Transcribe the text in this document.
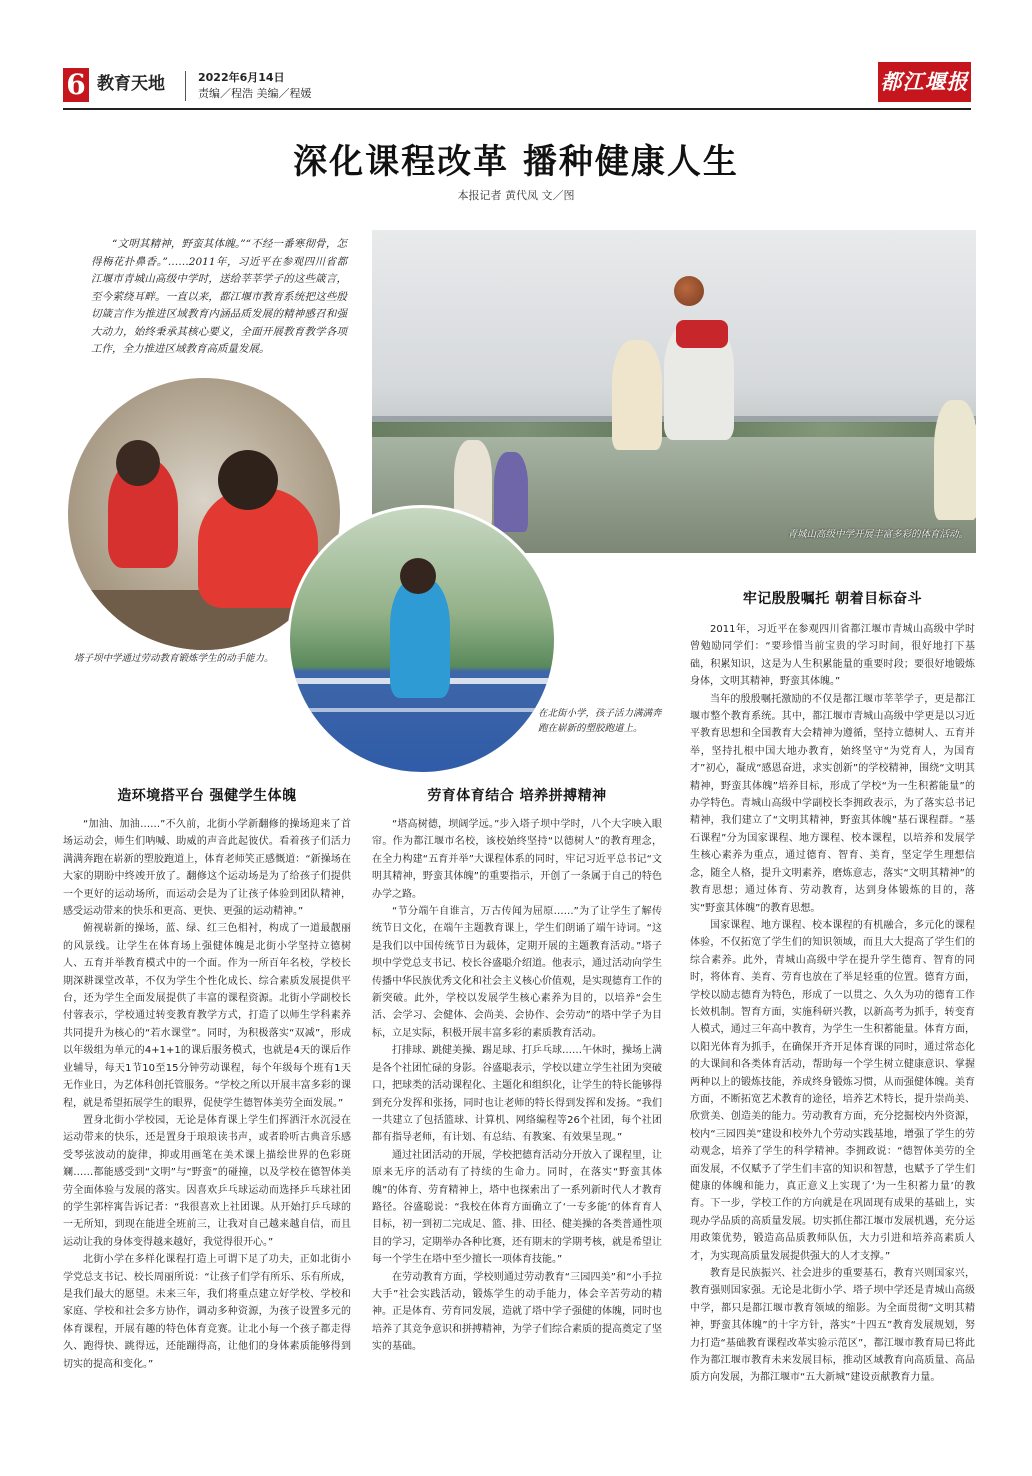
6 教育天地	2022年6月14日
责编／程浩 美编／程媛	都江堰报
深化课程改革 播种健康人生
本报记者 黄代凤 文／图

“文明其精神，野蛮其体魄。”“不经一番寒彻骨，怎得梅花扑鼻香。”……2011年，习近平在参观四川省都江堰市青城山高级中学时，送给莘莘学子的这些箴言，至今萦绕耳畔。一直以来，都江堰市教育系统把这些殷切箴言作为推进区域教育内涵品质发展的精神感召和强大动力，始终秉承其核心要义，全面开展教育教学各项工作，全力推进区域教育高质量发展。

青城山高级中学开展丰富多彩的体育活动。
塔子坝中学通过劳动教育锻炼学生的动手能力。
在北街小学，孩子活力满满奔跑在崭新的塑胶跑道上。
造环境搭平台 强健学生体魄

“加油、加油……”不久前，北街小学新翻修的操场迎来了首场运动会，师生们呐喊、助威的声音此起彼伏。看着孩子们活力满满奔跑在崭新的塑胶跑道上，体育老师笑正感慨道：“新操场在大家的期盼中终竣开放了。翻修这个运动场是为了给孩子们提供一个更好的运动场所，而运动会是为了让孩子体验到团队精神，感受运动带来的快乐和更高、更快、更强的运动精神。”

俯视崭新的操场，蓝、绿、红三色相衬，构成了一道最靓丽的风景线。让学生在体育场上强健体魄是北街小学坚持立德树人、五育并举教育模式中的一个面。作为一所百年名校，学校长期深耕课堂改革，不仅为学生个性化成长、综合素质发展提供平台，还为学生全面发展提供了丰富的课程资源。北街小学副校长付蓉表示，学校通过转变教育教学方式，打造了以师生学科素养共同提升为核心的“若水课堂”。同时，为积极落实“双减”，形成以年级组为单元的4+1+1的课后服务模式，也就是4天的课后作业辅导，每天1节10至15分钟劳动课程，每个年级每个班有1天无作业日，为艺体科创托管服务。“学校之所以开展丰富多彩的课程，就是希望拓展学生的眼界，促使学生德智体美劳全面发展。”

置身北街小学校园，无论是体育课上学生们挥洒汗水沉浸在运动带来的快乐，还是置身于琅琅读书声，或者聆听古典音乐感受琴弦波动的旋律，抑或用画笔在美术课上描绘世界的色彩斑斓……都能感受到“文明”与“野蛮”的碰撞，以及学校在德智体美劳全面体验与发展的落实。因喜欢乒乓球运动而选择乒乓球社团的学生郭梓寓告诉记者：“我很喜欢上社团课。从开始打乒乓球的一无所知，到现在能进全班前三，让我对自己越来越自信，而且运动让我的身体变得越来越好，我觉得很开心。”

北街小学在多样化课程打造上可谓下足了功夫，正如北街小学党总支书记、校长周丽所说：“让孩子们学有所乐、乐有所成，是我们最大的愿望。未来三年，我们将重点建立好学校、学校和家庭、学校和社会多方协作，调动多种资源，为孩子设置多元的体育课程，开展有趣的特色体育竞赛。让北小每一个孩子都走得久、跑得快、跳得远，还能蹦得高，让他们的身体素质能够得到切实的提高和变化。”

劳育体育结合 培养拼搏精神

“塔高树德，坝阔学远。”步入塔子坝中学时，八个大字映入眼帘。作为都江堰市名校，该校始终坚持“以德树人”的教育理念，在全力构建“五育并举”大课程体系的同时，牢记习近平总书记“文明其精神，野蛮其体魄”的重要指示，开创了一条属于自己的特色办学之路。

“节分端午自谁言，万古传闻为屈原……”为了让学生了解传统节日文化，在端午主题教育课上，学生们朗诵了端午诗词。“这是我们以中国传统节日为载体，定期开展的主题教育活动。”塔子坝中学党总支书记、校长谷盛聪介绍道。他表示，通过活动向学生传播中华民族优秀文化和社会主义核心价值观，是实现德育工作的新突破。此外，学校以发展学生核心素养为目的，以培养“会生活、会学习、会健体、会尚美、会协作、会劳动”的塔中学子为目标，立足实际，积极开展丰富多彩的素质教育活动。

打排球、跳健美操、踢足球、打乒乓球……午休时，操场上满是各个社团忙碌的身影。谷盛聪表示，学校以建立学生社团为突破口，把球类的活动课程化、主题化和组织化，让学生的特长能够得到充分发挥和张扬，同时也让老师的特长得到发挥和发扬。“我们一共建立了包括篮球、计算机、网络编程等26个社团，每个社团都有指导老师，有计划、有总结、有教案、有效果呈现。”

通过社团活动的开展，学校把德育活动分开放入了课程里，让原来无序的活动有了持续的生命力。同时，在落实“野蛮其体魄”的体育、劳育精神上，塔中也探索出了一系列新时代人才教育路径。谷盛聪说：“我校在体育方面确立了‘一专多能’的体育育人目标，初一到初二完成足、篮、排、田径、健美操的各类普通性项目的学习，定期举办各种比赛，还有期末的学期考核，就是希望让每一个学生在塔中至少擅长一项体育技能。”

在劳动教育方面，学校则通过劳动教育“三园四美”和“小手拉大手”社会实践活动，锻炼学生的动手能力，体会辛苦劳动的精神。正是体育、劳育同发展，造就了塔中学子强健的体魄，同时也培养了其竞争意识和拼搏精神，为学子们综合素质的提高奠定了坚实的基础。

牢记殷殷嘱托 朝着目标奋斗

2011年，习近平在参观四川省都江堰市青城山高级中学时曾勉励同学们：“要珍惜当前宝贵的学习时间，很好地打下基础，积累知识，这是为人生积累能量的重要时段；要很好地锻炼身体，文明其精神，野蛮其体魄。”

当年的殷殷嘱托激励的不仅是都江堰市莘莘学子，更是都江堰市整个教育系统。其中，都江堰市青城山高级中学更是以习近平教育思想和全国教育大会精神为遵循，坚持立德树人、五育并举，坚持扎根中国大地办教育，始终坚守“为党育人，为国育才”初心，凝成“感恩奋进，求实创新”的学校精神，围绕“文明其精神，野蛮其体魄”培养目标，形成了学校“为一生积蓄能量”的办学特色。青城山高级中学副校长李拥政表示，为了落实总书记精神，我们建立了“文明其精神，野蛮其体魄”基石课程群。“基石课程”分为国家课程、地方课程、校本课程，以培养和发展学生核心素养为重点，通过德育、智育、美育，坚定学生理想信念，随全人格，提升文明素养，磨炼意志，落实“文明其精神”的教育思想；通过体育、劳动教育，达到身体锻炼的目的，落实“野蛮其体魄”的教育思想。

国家课程、地方课程、校本课程的有机融合，多元化的课程体验，不仅拓宽了学生们的知识领域，而且大大提高了学生们的综合素养。此外，青城山高级中学在提升学生德育、智育的同时，将体育、美育、劳育也放在了举足轻重的位置。德育方面，学校以励志德育为特色，形成了一以贯之、久久为功的德育工作长效机制。智育方面，实施科研兴教，以新高考为抓手，转变育人模式，通过三年高中教育，为学生一生积蓄能量。体育方面，以阳光体育为抓手，在确保开齐开足体育课的同时，通过常态化的大课间和各类体育活动，帮助每一个学生树立健康意识、掌握两种以上的锻炼技能，养成终身锻炼习惯，从而强健体魄。美育方面，不断拓宽艺术教育的途径，培养艺术特长，提升崇尚美、欣赏美、创造美的能力。劳动教育方面，充分挖掘校内外资源，校内“三园四美”建设和校外九个劳动实践基地，增强了学生的劳动观念，培养了学生的科学精神。李拥政说：“德智体美劳的全面发展，不仅赋予了学生们丰富的知识和智慧，也赋予了学生们健康的体魄和能力，真正意义上实现了‘为一生积蓄力量’的教育。下一步，学校工作的方向就是在巩固现有成果的基础上，实现办学品质的高质量发展。切实抓住都江堰市发展机遇，充分运用政策优势，锻造高品质教师队伍，大力引进和培养高素质人才，为实现高质量发展提供强大的人才支撑。”

教育是民族振兴、社会进步的重要基石，教育兴则国家兴，教育强则国家强。无论是北街小学、塔子坝中学还是青城山高级中学，都只是都江堰市教育领域的缩影。为全面贯彻“文明其精神，野蛮其体魄”的十字方针，落实“十四五”教育发展规划，努力打造“基础教育课程改革实验示范区”，都江堰市教育局已将此作为都江堰市教育未来发展目标，推动区域教育向高质量、高品质方向发展，为都江堰市“五大新城”建设贡献教育力量。
